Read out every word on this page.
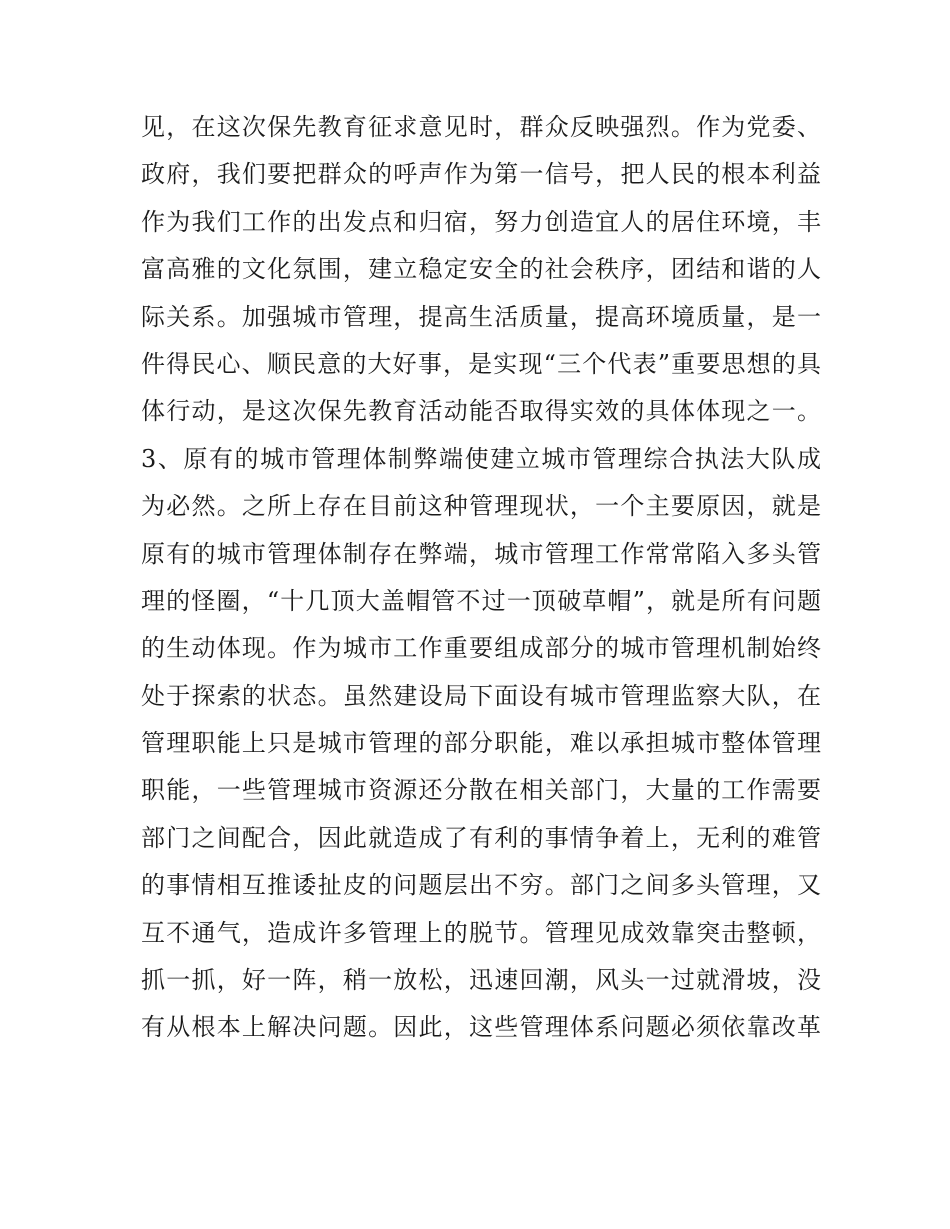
见，在这次保先教育征求意见时，群众反映强烈。作为党委、
政府，我们要把群众的呼声作为第一信号，把人民的根本利益
作为我们工作的出发点和归宿，努力创造宜人的居住环境，丰
富高雅的文化氛围，建立稳定安全的社会秩序，团结和谐的人
际关系。加强城市管理，提高生活质量，提高环境质量，是一
件得民心、顺民意的大好事，是实现“三个代表”重要思想的具
体行动，是这次保先教育活动能否取得实效的具体体现之一。
3、原有的城市管理体制弊端使建立城市管理综合执法大队成
为必然。之所上存在目前这种管理现状，一个主要原因，就是
原有的城市管理体制存在弊端，城市管理工作常常陷入多头管
理的怪圈，“十几顶大盖帽管不过一顶破草帽”，就是所有问题
的生动体现。作为城市工作重要组成部分的城市管理机制始终
处于探索的状态。虽然建设局下面设有城市管理监察大队，在
管理职能上只是城市管理的部分职能，难以承担城市整体管理
职能，一些管理城市资源还分散在相关部门，大量的工作需要
部门之间配合，因此就造成了有利的事情争着上，无利的难管
的事情相互推诿扯皮的问题层出不穷。部门之间多头管理，又
互不通气，造成许多管理上的脱节。管理见成效靠突击整顿，
抓一抓，好一阵，稍一放松，迅速回潮，风头一过就滑坡，没
有从根本上解决问题。因此，这些管理体系问题必须依靠改革
